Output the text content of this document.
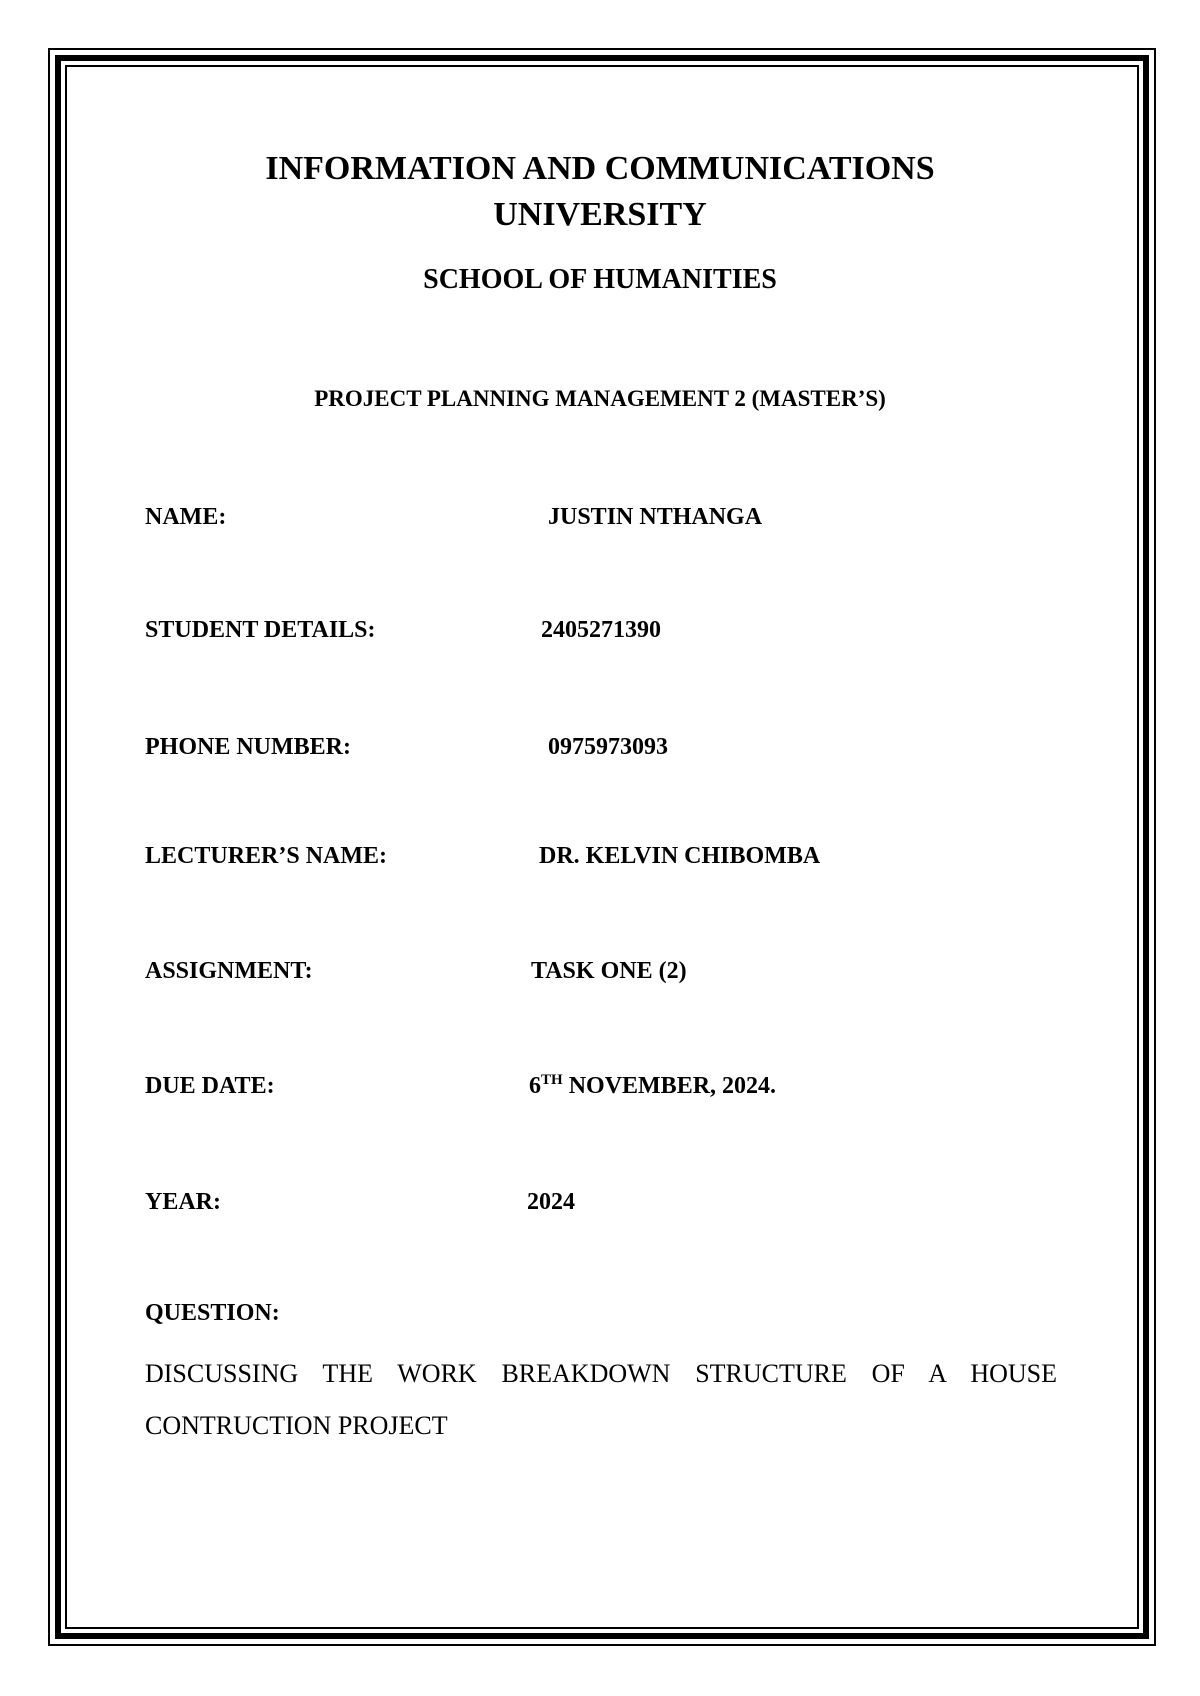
INFORMATION AND COMMUNICATIONS
UNIVERSITY
SCHOOL OF HUMANITIES
PROJECT PLANNING MANAGEMENT 2 (MASTER’S)
NAME:	JUSTIN NTHANGA
STUDENT DETAILS:	2405271390
PHONE NUMBER:	0975973093
LECTURER’S NAME:	DR. KELVIN CHIBOMBA
ASSIGNMENT:	TASK ONE (2)
DUE DATE:	6TH NOVEMBER, 2024.
YEAR:	2024
QUESTION:
DISCUSSING THE WORK BREAKDOWN STRUCTURE OF A HOUSE CONTRUCTION PROJECT
